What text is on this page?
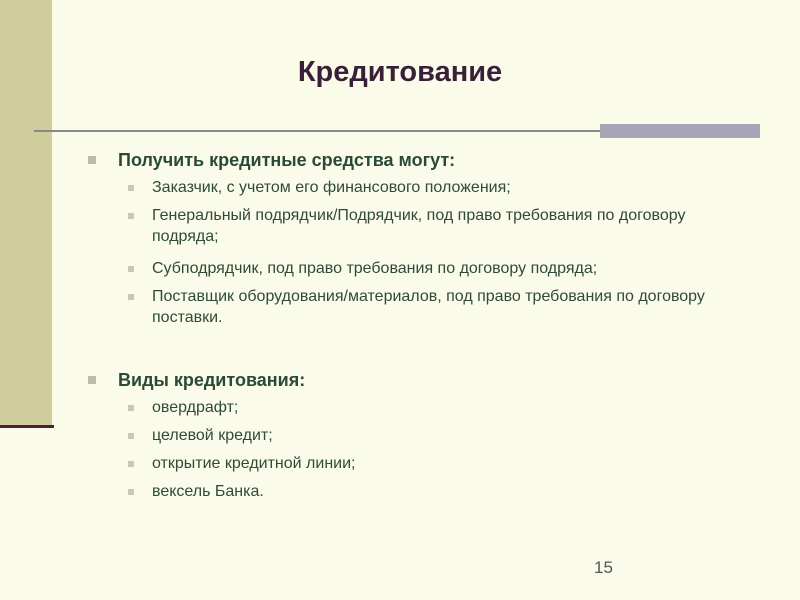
Кредитование
Получить кредитные средства могут:
Заказчик, с учетом его финансового положения;
Генеральный подрядчик/Подрядчик, под право требования по договору подряда;
Субподрядчик, под право требования по договору подряда;
Поставщик оборудования/материалов, под право требования по договору поставки.
Виды кредитования:
овердрафт;
целевой кредит;
открытие кредитной линии;
вексель Банка.
15
